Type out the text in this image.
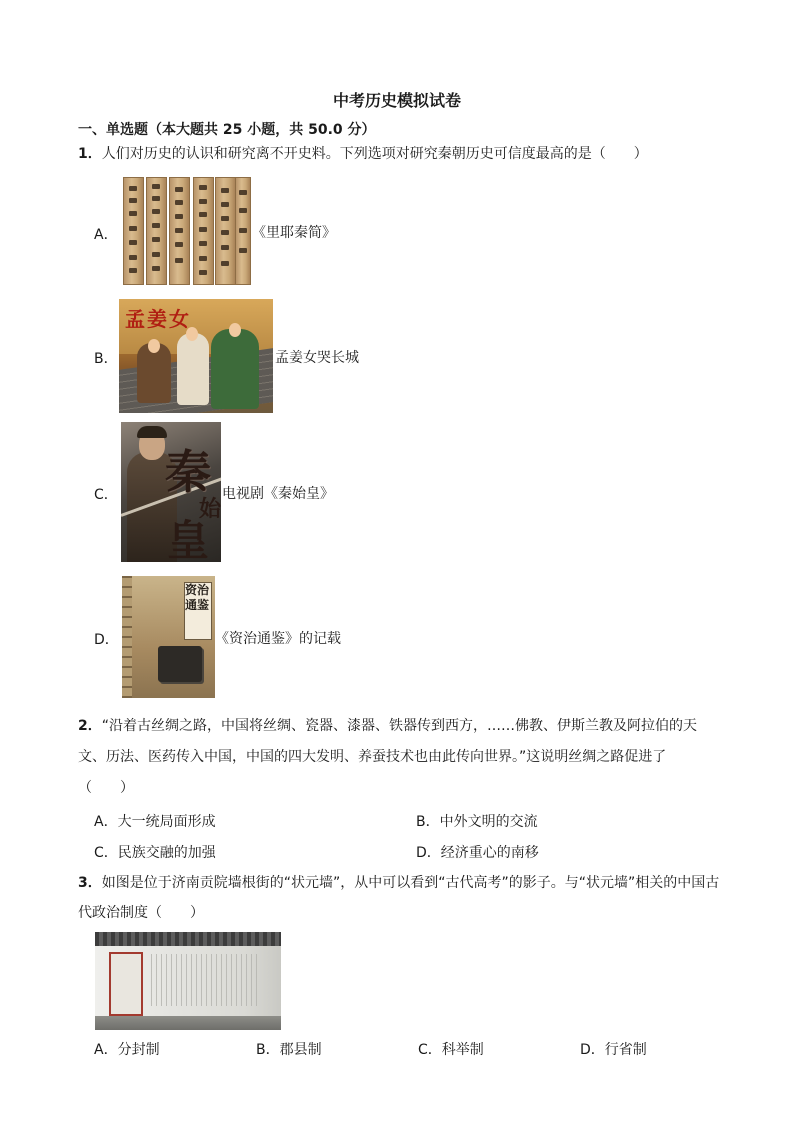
中考历史模拟试卷
一、单选题（本大题共 25 小题，共 50.0 分）
1．人们对历史的认识和研究离不开史料。下列选项对研究秦朝历史可信度最高的是（　　）
A．	《里耶秦简》
B．
孟姜女
孟姜女哭长城
C． 秦
始
皇
电视剧《秦始皇》
D．
资 治
通 鉴
《资治通鉴》的记载
2．“沿着古丝绸之路，中国将丝绸、瓷器、漆器、铁器传到西方，……佛教、伊斯兰教及阿拉伯的天
文、历法、医药传入中国，中国的四大发明、养蚕技术也由此传向世界。”这说明丝绸之路促进了
（　　）
A．大一统局面形成	B．中外文明的交流
C．民族交融的加强	D．经济重心的南移
3．如图是位于济南贡院墙根街的“状元墙”，从中可以看到“古代高考”的影子。与“状元墙”相关的中国古
代政治制度（　　）
A．分封制	B．郡县制	C．科举制	D．行省制
